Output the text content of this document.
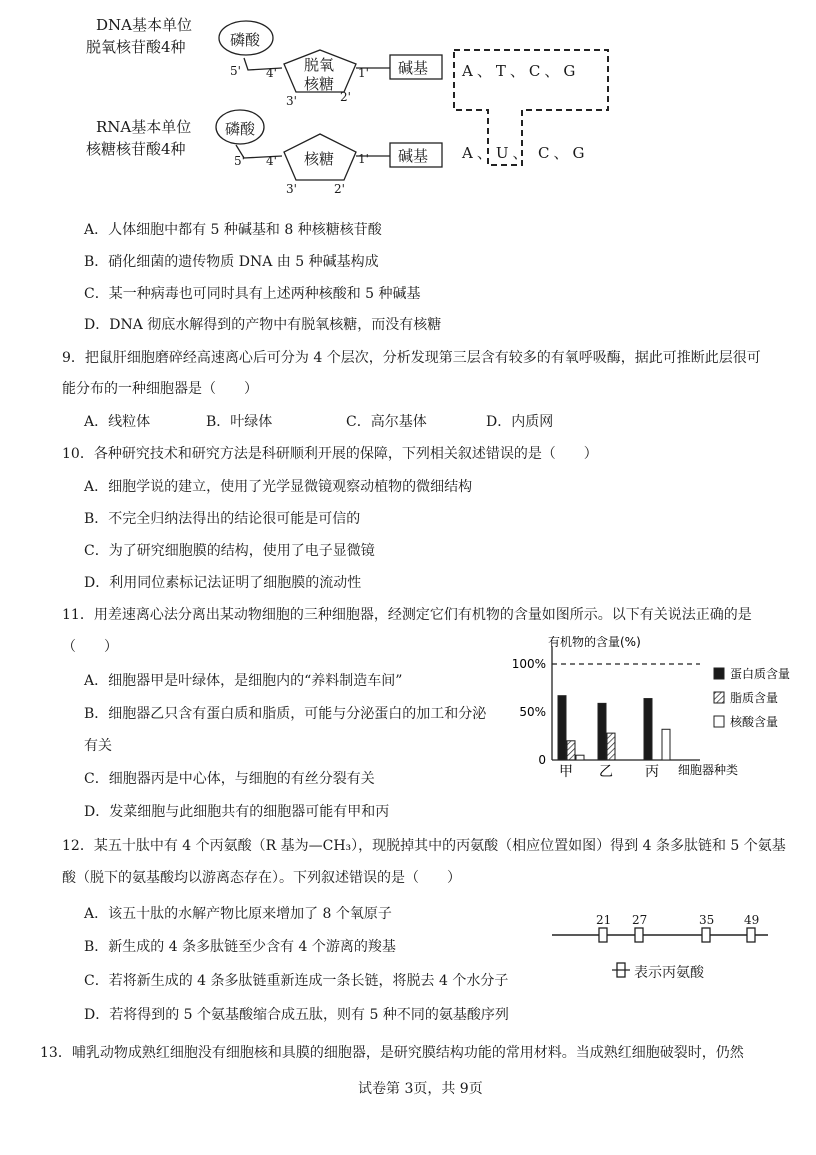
DNA基本单位
脱氧核苷酸4种
RNA基本单位
核糖核苷酸4种
磷酸
磷酸
脱氧
核糖
核糖
碱基
碱基
5' 4'
3'	2'
1'
5' 4'
3'	2'
1'
A、T、C、G
A、U、 C、G
A．人体细胞中都有 5 种碱基和 8 种核糖核苷酸
B．硝化细菌的遗传物质 DNA 由 5 种碱基构成
C．某一种病毒也可同时具有上述两种核酸和 5 种碱基
D．DNA 彻底水解得到的产物中有脱氧核糖，而没有核糖
9．把鼠肝细胞磨碎经高速离心后可分为 4 个层次，分析发现第三层含有较多的有氧呼吸酶，据此可推断此层很可
能分布的一种细胞器是（　　）
A．线粒体	B．叶绿体	C．高尔基体	D．内质网
10．各种研究技术和研究方法是科研顺利开展的保障，下列相关叙述错误的是（　　）
A．细胞学说的建立，使用了光学显微镜观察动植物的微细结构
B．不完全归纳法得出的结论很可能是可信的
C．为了研究细胞膜的结构，使用了电子显微镜
D．利用同位素标记法证明了细胞膜的流动性
11．用差速离心法分离出某动物细胞的三种细胞器，经测定它们有机物的含量如图所示。以下有关说法正确的是
（　　）
A．细胞器甲是叶绿体，是细胞内的“养料制造车间”
B．细胞器乙只含有蛋白质和脂质，可能与分泌蛋白的加工和分泌
有关
C．细胞器丙是中心体，与细胞的有丝分裂有关
D．发菜细胞与此细胞共有的细胞器可能有甲和丙
有机物的含量(%)
100%
50%
0
甲 乙 丙 细胞器种类
蛋白质含量
脂质含量
核酸含量
12．某五十肽中有 4 个丙氨酸（R 基为—CH₃），现脱掉其中的丙氨酸（相应位置如图）得到 4 条多肽链和 5 个氨基
酸（脱下的氨基酸均以游离态存在）。下列叙述错误的是（　　）
A．该五十肽的水解产物比原来增加了 8 个氧原子
B．新生成的 4 条多肽链至少含有 4 个游离的羧基
C．若将新生成的 4 条多肽链重新连成一条长链，将脱去 4 个水分子
D．若将得到的 5 个氨基酸缩合成五肽，则有 5 种不同的氨基酸序列
21 27	35 49
表示丙氨酸
13．哺乳动物成熟红细胞没有细胞核和具膜的细胞器，是研究膜结构功能的常用材料。当成熟红细胞破裂时，仍然
试卷第 3页，共 9页
